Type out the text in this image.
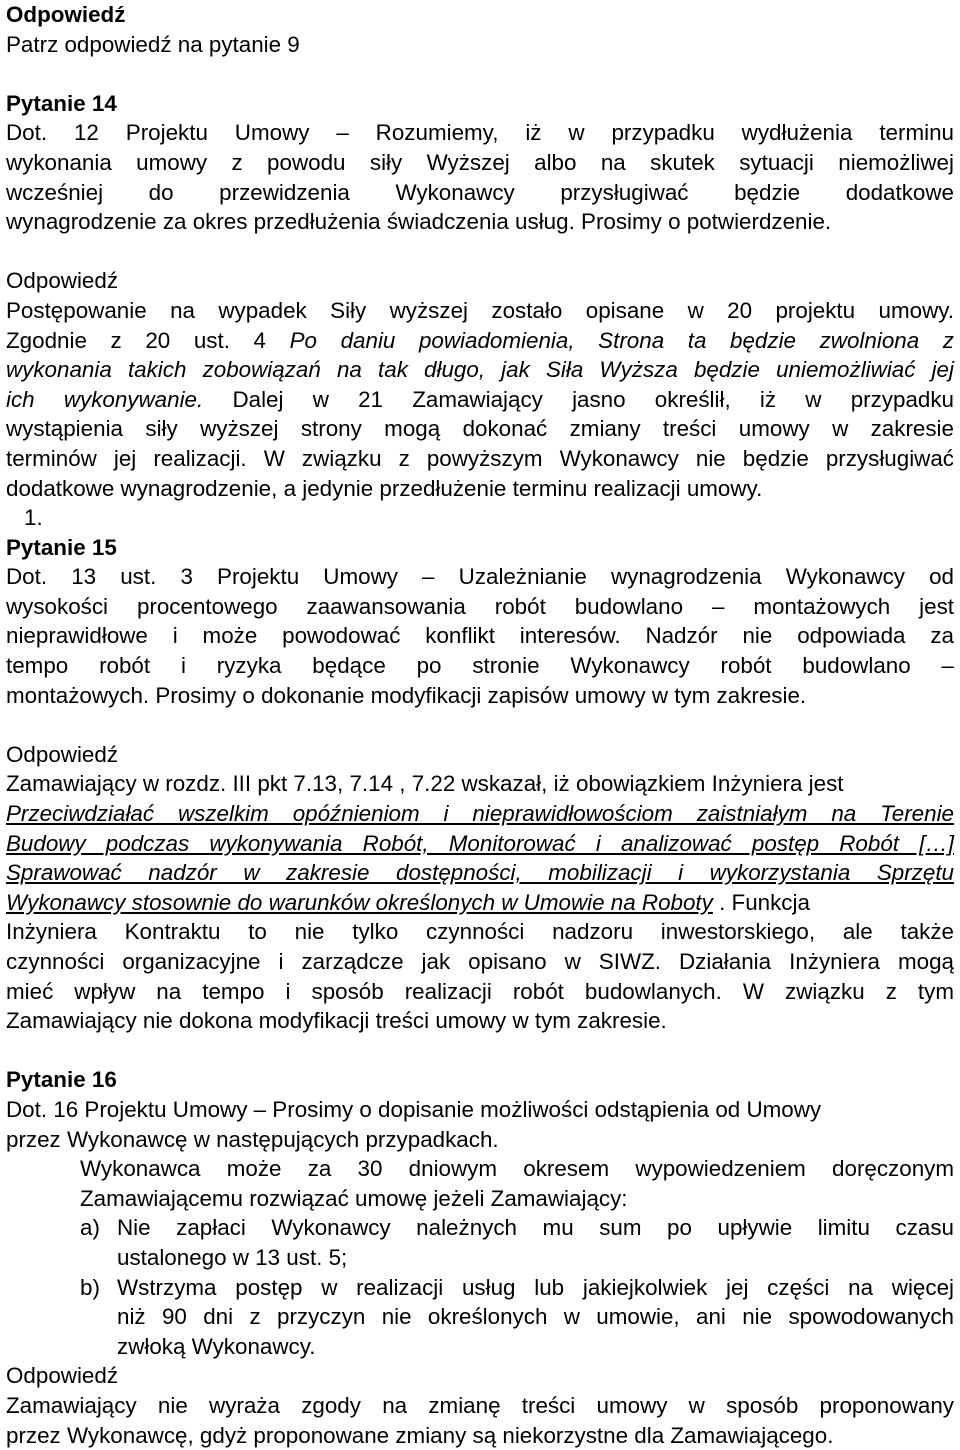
Odpowiedź
Patrz odpowiedź na pytanie 9
Pytanie 14
Dot. 12 Projektu Umowy – Rozumiemy, iż w przypadku wydłużenia terminu
wykonania umowy z powodu siły Wyższej albo na skutek sytuacji niemożliwej
wcześniej do przewidzenia Wykonawcy przysługiwać będzie dodatkowe
wynagrodzenie za okres przedłużenia świadczenia usług. Prosimy o potwierdzenie.
Odpowiedź
Postępowanie na wypadek Siły wyższej zostało opisane w 20 projektu umowy.
Zgodnie z 20 ust. 4 Po daniu powiadomienia, Strona ta będzie zwolniona z
wykonania takich zobowiązań na tak długo, jak Siła Wyższa będzie uniemożliwiać jej
ich wykonywanie. Dalej w 21 Zamawiający jasno określił, iż w przypadku
wystąpienia siły wyższej strony mogą dokonać zmiany treści umowy w zakresie
terminów jej realizacji. W związku z powyższym Wykonawcy nie będzie przysługiwać
dodatkowe wynagrodzenie, a jedynie przedłużenie terminu realizacji umowy.
1.
Pytanie 15
Dot. 13 ust. 3 Projektu Umowy – Uzależnianie wynagrodzenia Wykonawcy od
wysokości procentowego zaawansowania robót budowlano – montażowych jest
nieprawidłowe i może powodować konflikt interesów. Nadzór nie odpowiada za
tempo robót i ryzyka będące po stronie Wykonawcy robót budowlano –
montażowych. Prosimy o dokonanie modyfikacji zapisów umowy w tym zakresie.
Odpowiedź
Zamawiający w rozdz. III pkt 7.13, 7.14 , 7.22 wskazał, iż obowiązkiem Inżyniera jest
Przeciwdziałać wszelkim opóźnieniom i nieprawidłowościom zaistniałym na Terenie
Budowy podczas wykonywania Robót, Monitorować i analizować postęp Robót […]
Sprawować nadzór w zakresie dostępności, mobilizacji i wykorzystania Sprzętu
Wykonawcy stosownie do warunków określonych w Umowie na Roboty . Funkcja
Inżyniera Kontraktu to nie tylko czynności nadzoru inwestorskiego, ale także
czynności organizacyjne i zarządcze jak opisano w SIWZ. Działania Inżyniera mogą
mieć wpływ na tempo i sposób realizacji robót budowlanych. W związku z tym
Zamawiający nie dokona modyfikacji treści umowy w tym zakresie.
Pytanie 16
Dot. 16 Projektu Umowy – Prosimy o dopisanie możliwości odstąpienia od Umowy
przez Wykonawcę w następujących przypadkach.
Wykonawca może za 30 dniowym okresem wypowiedzeniem doręczonym
Zamawiającemu rozwiązać umowę jeżeli Zamawiający:
a) Nie zapłaci Wykonawcy należnych mu sum po upływie limitu czasu
ustalonego w 13 ust. 5;
b) Wstrzyma postęp w realizacji usług lub jakiejkolwiek jej części na więcej
niż 90 dni z przyczyn nie określonych w umowie, ani nie spowodowanych
zwłoką Wykonawcy.
Odpowiedź
Zamawiający nie wyraża zgody na zmianę treści umowy w sposób proponowany
przez Wykonawcę, gdyż proponowane zmiany są niekorzystne dla Zamawiającego.
